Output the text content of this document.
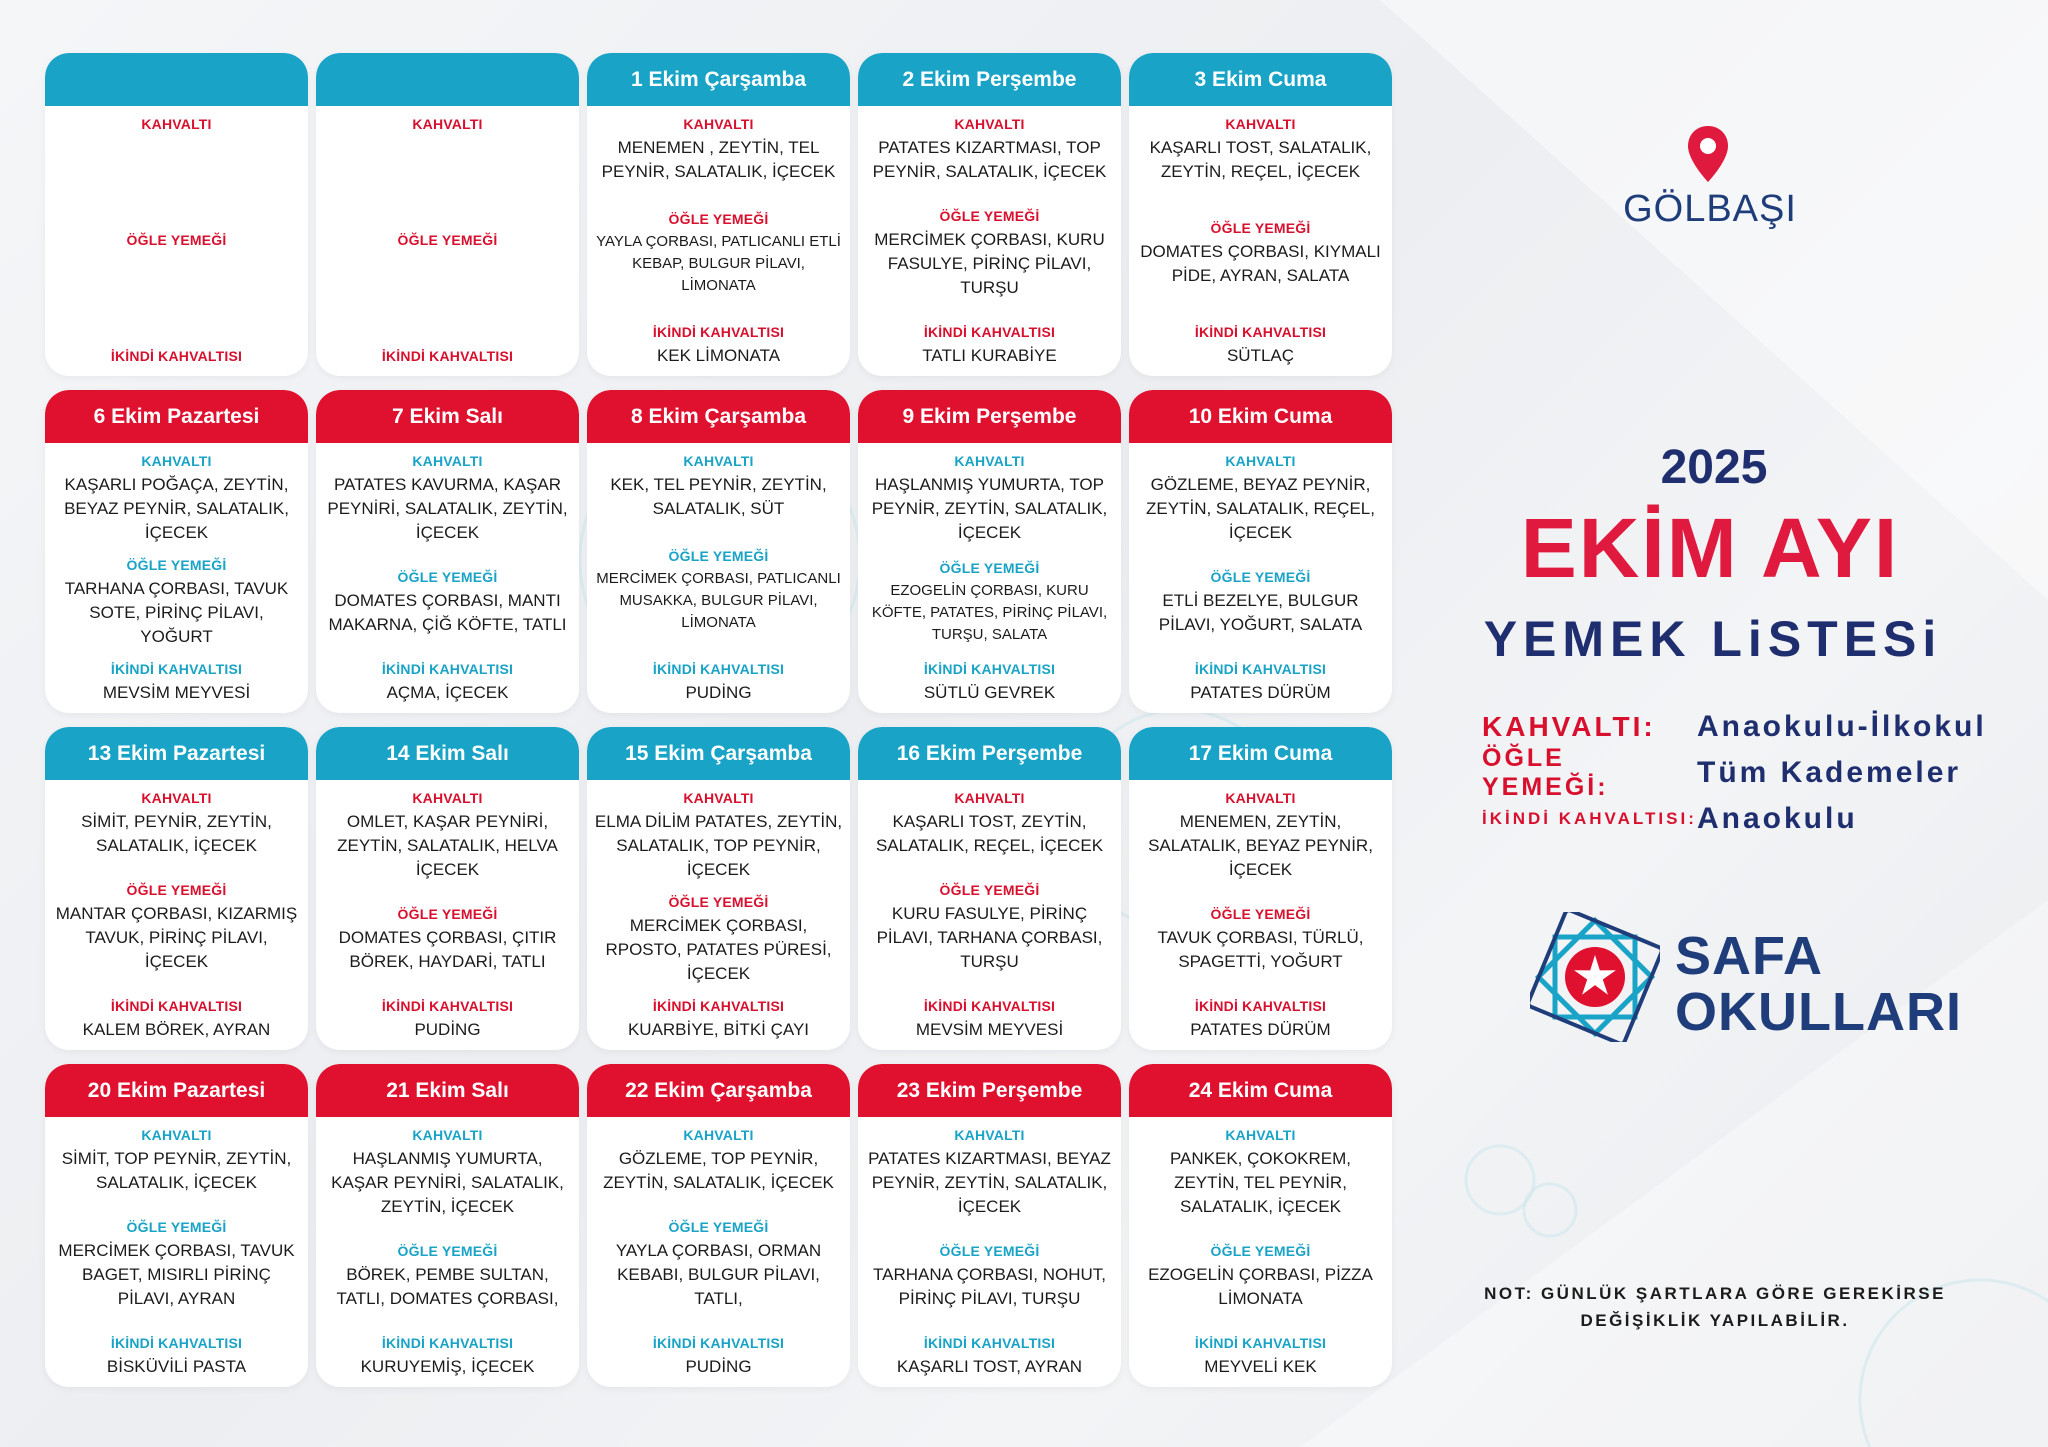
KAHVALTI
ÖĞLE YEMEĞİ
İKİNDİ KAHVALTISI
KAHVALTI
ÖĞLE YEMEĞİ
İKİNDİ KAHVALTISI
1 Ekim Çarşamba
KAHVALTI
MENEMEN , ZEYTİN, TEL PEYNİR, SALATALIK, İÇECEK
ÖĞLE YEMEĞİ
YAYLA ÇORBASI, PATLICANLI ETLİ KEBAP, BULGUR PİLAVI, LİMONATA
İKİNDİ KAHVALTISI
KEK LİMONATA
2 Ekim Perşembe
KAHVALTI
PATATES KIZARTMASI, TOP PEYNİR, SALATALIK, İÇECEK
ÖĞLE YEMEĞİ
MERCİMEK ÇORBASI, KURU FASULYE, PİRİNÇ PİLAVI, TURŞU
İKİNDİ KAHVALTISI
TATLI KURABİYE
3 Ekim Cuma
KAHVALTI
KAŞARLI TOST, SALATALIK, ZEYTİN, REÇEL, İÇECEK
ÖĞLE YEMEĞİ
DOMATES ÇORBASI, KIYMALI PİDE, AYRAN, SALATA
İKİNDİ KAHVALTISI
SÜTLAÇ
6 Ekim Pazartesi
KAHVALTI
KAŞARLI POĞAÇA, ZEYTİN, BEYAZ PEYNİR, SALATALIK, İÇECEK
ÖĞLE YEMEĞİ
TARHANA ÇORBASI, TAVUK SOTE, PİRİNÇ PİLAVI, YOĞURT
İKİNDİ KAHVALTISI
MEVSİM MEYVESİ
7 Ekim Salı
KAHVALTI
PATATES KAVURMA, KAŞAR PEYNİRİ, SALATALIK, ZEYTİN, İÇECEK
ÖĞLE YEMEĞİ
DOMATES ÇORBASI, MANTI MAKARNA, ÇİĞ KÖFTE, TATLI
İKİNDİ KAHVALTISI
AÇMA, İÇECEK
8 Ekim Çarşamba
KAHVALTI
KEK, TEL PEYNİR, ZEYTİN, SALATALIK, SÜT
ÖĞLE YEMEĞİ
MERCİMEK ÇORBASI, PATLICANLI MUSAKKA, BULGUR PİLAVI, LİMONATA
İKİNDİ KAHVALTISI
PUDİNG
9 Ekim Perşembe
KAHVALTI
HAŞLANMIŞ YUMURTA, TOP PEYNİR, ZEYTİN, SALATALIK, İÇECEK
ÖĞLE YEMEĞİ
EZOGELİN ÇORBASI, KURU KÖFTE, PATATES, PİRİNÇ PİLAVI, TURŞU, SALATA
İKİNDİ KAHVALTISI
SÜTLÜ GEVREK
10 Ekim Cuma
KAHVALTI
GÖZLEME, BEYAZ PEYNİR, ZEYTİN, SALATALIK, REÇEL, İÇECEK
ÖĞLE YEMEĞİ
ETLİ BEZELYE, BULGUR PİLAVI, YOĞURT, SALATA
İKİNDİ KAHVALTISI
PATATES DÜRÜM
13 Ekim Pazartesi
KAHVALTI
SİMİT, PEYNİR, ZEYTİN, SALATALIK, İÇECEK
ÖĞLE YEMEĞİ
MANTAR ÇORBASI, KIZARMIŞ TAVUK, PİRİNÇ PİLAVI, İÇECEK
İKİNDİ KAHVALTISI
KALEM BÖREK, AYRAN
14 Ekim Salı
KAHVALTI
OMLET, KAŞAR PEYNİRİ, ZEYTİN, SALATALIK, HELVA İÇECEK
ÖĞLE YEMEĞİ
DOMATES ÇORBASI, ÇITIR BÖREK, HAYDARİ, TATLI
İKİNDİ KAHVALTISI
PUDİNG
15 Ekim Çarşamba
KAHVALTI
ELMA DİLİM PATATES, ZEYTİN, SALATALIK, TOP PEYNİR, İÇECEK
ÖĞLE YEMEĞİ
MERCİMEK ÇORBASI, RPOSTO, PATATES PÜRESİ, İÇECEK
İKİNDİ KAHVALTISI
KUARBİYE, BİTKİ ÇAYI
16 Ekim Perşembe
KAHVALTI
KAŞARLI TOST, ZEYTİN, SALATALIK, REÇEL, İÇECEK
ÖĞLE YEMEĞİ
KURU FASULYE, PİRİNÇ PİLAVI, TARHANA ÇORBASI, TURŞU
İKİNDİ KAHVALTISI
MEVSİM MEYVESİ
17 Ekim Cuma
KAHVALTI
MENEMEN, ZEYTİN, SALATALIK, BEYAZ PEYNİR, İÇECEK
ÖĞLE YEMEĞİ
TAVUK ÇORBASI, TÜRLÜ, SPAGETTİ, YOĞURT
İKİNDİ KAHVALTISI
PATATES DÜRÜM
20 Ekim Pazartesi
KAHVALTI
SİMİT, TOP PEYNİR, ZEYTİN, SALATALIK, İÇECEK
ÖĞLE YEMEĞİ
MERCİMEK ÇORBASI, TAVUK BAGET, MISIRLI PİRİNÇ PİLAVI, AYRAN
İKİNDİ KAHVALTISI
BİSKÜVİLİ PASTA
21 Ekim Salı
KAHVALTI
HAŞLANMIŞ YUMURTA, KAŞAR PEYNİRİ, SALATALIK, ZEYTİN, İÇECEK
ÖĞLE YEMEĞİ
BÖREK, PEMBE SULTAN, TATLI, DOMATES ÇORBASI,
İKİNDİ KAHVALTISI
KURUYEMİŞ, İÇECEK
22 Ekim Çarşamba
KAHVALTI
GÖZLEME, TOP PEYNİR, ZEYTİN, SALATALIK, İÇECEK
ÖĞLE YEMEĞİ
YAYLA ÇORBASI, ORMAN KEBABI, BULGUR PİLAVI, TATLI,
İKİNDİ KAHVALTISI
PUDİNG
23 Ekim Perşembe
KAHVALTI
PATATES KIZARTMASI, BEYAZ PEYNİR, ZEYTİN, SALATALIK, İÇECEK
ÖĞLE YEMEĞİ
TARHANA ÇORBASI, NOHUT, PİRİNÇ PİLAVI, TURŞU
İKİNDİ KAHVALTISI
KAŞARLI TOST, AYRAN
24 Ekim Cuma
KAHVALTI
PANKEK, ÇOKOKREM, ZEYTİN, TEL PEYNİR, SALATALIK, İÇECEK
ÖĞLE YEMEĞİ
EZOGELİN ÇORBASI, PİZZA LİMONATA
İKİNDİ KAHVALTISI
MEYVELİ KEK
GÖLBAŞI
2025
EKİM AYI
YEMEK LiSTESi
KAHVALTI:	Anaokulu-İlkokul
ÖĞLE YEMEĞİ:	Tüm Kademeler
İKİNDİ KAHVALTISI: Anaokulu
SAFA
OKULLARI
NOT: GÜNLÜK ŞARTLARA GÖRE GEREKİRSE
DEĞİŞİKLİK YAPILABİLİR.
